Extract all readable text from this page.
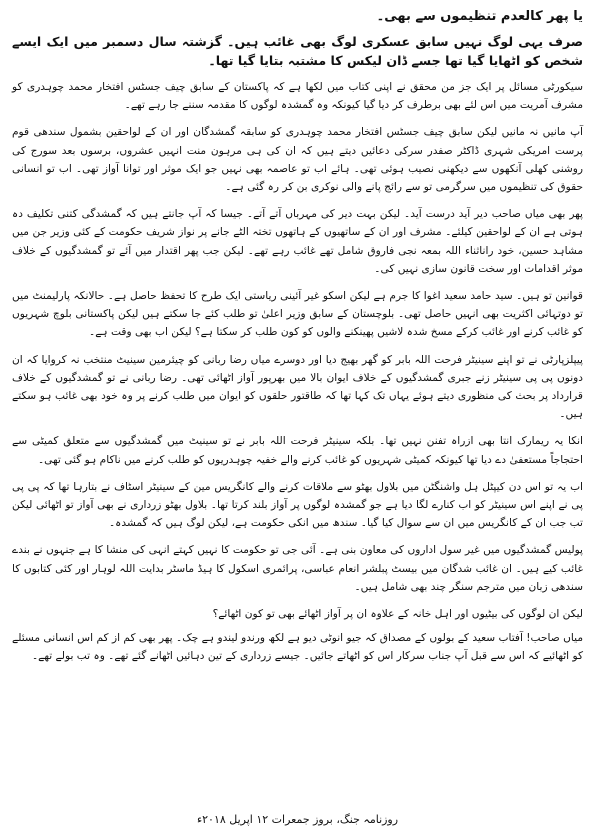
یا پھر کالعدم تنظیموں سے بھی۔
صرف یہی لوگ نہیں سابق عسکری لوگ بھی غائب ہیں۔ گزشتہ سال دسمبر میں ایک ایسے شخص کو اٹھایا گیا تھا جسے ڈان لیکس کا مشتبہ بتایا گیا تھا۔
سیکورٹی مسائل پر ایک جز من محقق نے اپنی کتاب میں لکھا ہے کہ پاکستان کے سابق چیف جسٹس افتخار محمد چوہدری کو مشرف آمریت میں اس لئے بھی برطرف کر دیا گیا کیونکہ وہ گمشدہ لوگوں کا مقدمہ سننے جا رہے تھے۔
آپ مانیں نہ مانیں لیکن سابق چیف جسٹس افتخار محمد چوہدری کو سابقہ گمشدگان اور ان کے لواحقین بشمول سندھی قوم پرست امریکی شہری ڈاکٹر صفدر سرکی دعائیں دیتے ہیں کہ ان کی ہی مرہون منت انہیں عشروں، برسوں بعد سورج کی روشنی کھلی آنکھوں سے دیکھنی نصیب ہوئی تھی۔ ہائے اب تو عاصمہ بھی نہیں جو ایک موثر اور توانا آواز تھی۔ اب تو انسانی حقوق کی تنظیموں میں سرگرمی تو سے رائج پانے والی نوکری بن کر رہ گئی ہے۔
پھر بھی میاں صاحب دیر آید درست آید۔ لیکن بہت دیر کی مہرباں آتے آتے۔ جیسا کہ آپ جانتے ہیں کہ گمشدگی کتنی تکلیف دہ ہوتی ہے ان کے لواحقین کیلئے۔ مشرف اور ان کے ساتھیوں کے ہاتھوں تختہ الٹے جانے پر نواز شریف حکومت کے کئی وزیر جن میں مشاہد حسین، خود راناثناء اللہ بمعہ نجی فاروق شامل تھے غائب رہے تھے۔ لیکن جب پھر اقتدار میں آئے تو گمشدگیوں کے خلاف موثر اقدامات اور سخت قانون سازی نہیں کی۔
قوانین تو ہیں۔ سید حامد سعید اغوا کا جرم ہے لیکن اسکو غیر آئینی ریاستی ایک طرح کا تحفظ حاصل ہے۔ حالانکہ پارلیمنٹ میں تو دوتہائی اکثریت بھی انہیں حاصل تھی۔ بلوچستان کے سابق وزیر اعلیٰ تو طلب کئے جا سکتے ہیں لیکن پاکستانی بلوچ شہریوں کو غائب کرنے اور غائب کرکے مسخ شدہ لاشیں پھینکنے والوں کو کون طلب کر سکتا ہے؟ لیکن اب بھی وقت ہے۔
پیپلزپارٹی نے تو اپنے سینیٹر فرحت اللہ بابر کو گھر بھیج دیا اور دوسرے میاں رضا ربانی کو چیئرمین سینیٹ منتخب نہ کروایا کہ ان دونوں پی پی سینیٹر زنے جبری گمشدگیوں کے خلاف ایوان بالا میں بھرپور آواز اٹھائی تھی۔ رضا ربانی نے تو گمشدگیوں کے خلاف قرارداد پر بحث کی منظوری دیتے ہوئے یہاں تک کہا تھا کہ طاقتور حلقوں کو ایوان میں طلب کرنے پر وہ خود بھی غائب ہو سکتے ہیں۔
انکا یہ ریمارک انتا بھی ازراہ تفنن نہیں تھا۔ بلکہ سینیٹر فرحت اللہ بابر نے تو سینیٹ میں گمشدگیوں سے متعلق کمیٹی سے احتجاجاً مستعفیٰ دے دیا تھا کیونکہ کمیٹی شہریوں کو غائب کرنے والے خفیہ چوہدریوں کو طلب کرنے میں ناکام ہو گئی تھی۔
اب یہ تو اس دن کیپٹل ہل واشنگٹن میں بلاول بھٹو سے ملاقات کرنے والے کانگریس مین کے سینیٹر اسٹاف نے بتارہا تھا کہ پی پی پی نے اپنے اس سینیٹر کو اب کنارے لگا دیا ہے جو گمشدہ لوگوں پر آواز بلند کرتا تھا۔ بلاول بھٹو زرداری نے بھی آواز تو اٹھائی لیکن تب جب ان کے کانگریس میں ان سے سوال کیا گیا۔ سندھ میں انکی حکومت ہے، لیکن لوگ ہیں کہ گمشدہ۔
پولیس گمشدگیوں میں غیر سول اداروں کی معاون بنی ہے۔ آئی جی تو حکومت کا نہیں کہتے انہی کی منشا کا ہے جنہوں نے بندے غائب کیے ہیں۔ ان غائب شدگان میں بیسٹ پبلشر انعام عباسی، پرائمری اسکول کا ہیڈ ماسٹر بدایت اللہ لوہار اور کئی کتابوں کا سندھی زبان میں مترجم سنگر چند بھی شامل ہیں۔
لیکن ان لوگوں کی بیٹیوں اور اہل خانہ کے علاوہ ان پر آواز اٹھائے بھی تو کون اٹھائے؟
میاں صاحب! آفتاب سعید کے بولوں کے مصداق کہ جیو انوٹی دیو ہے لکھ ورندو لیندو ہے چک۔ پھر بھی کم از کم اس انسانی مسئلے کو اٹھائیے کہ اس سے قبل آپ جناب سرکار اس کو اٹھاتے جائیں۔ جیسے زرداری کے تین دہائیں اٹھانے گئے تھے۔ وہ تب بولے تھے۔
روزنامہ جنگ، بروز جمعرات ۱۲ اپریل ۲۰۱۸ء
